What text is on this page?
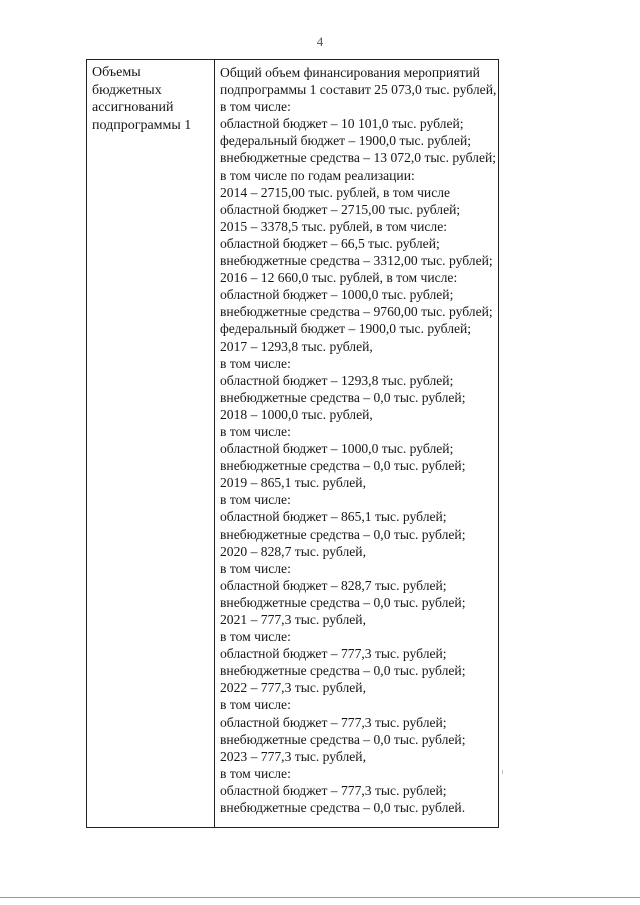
4
Объемы
бюджетных
ассигнований
подпрограммы 1
Общий объем финансирования мероприятий
подпрограммы 1 составит 25 073,0 тыс. рублей,
в том числе:
областной бюджет – 10 101,0 тыс. рублей;
федеральный бюджет – 1900,0 тыс. рублей;
внебюджетные средства – 13 072,0 тыс. рублей;
в том числе по годам реализации:
2014 – 2715,00 тыс. рублей, в том числе
областной бюджет – 2715,00 тыс. рублей;
2015 – 3378,5 тыс. рублей, в том числе:
областной бюджет – 66,5 тыс. рублей;
внебюджетные средства – 3312,00 тыс. рублей;
2016 – 12 660,0 тыс. рублей, в том числе:
областной бюджет – 1000,0 тыс. рублей;
внебюджетные средства – 9760,00 тыс. рублей;
федеральный бюджет – 1900,0 тыс. рублей;
2017 – 1293,8 тыс. рублей,
в том числе:
областной бюджет – 1293,8 тыс. рублей;
внебюджетные средства – 0,0 тыс. рублей;
2018 – 1000,0 тыс. рублей,
в том числе:
областной бюджет – 1000,0 тыс. рублей;
внебюджетные средства – 0,0 тыс. рублей;
2019 – 865,1 тыс. рублей,
в том числе:
областной бюджет – 865,1 тыс. рублей;
внебюджетные средства – 0,0 тыс. рублей;
2020 – 828,7 тыс. рублей,
в том числе:
областной бюджет – 828,7 тыс. рублей;
внебюджетные средства – 0,0 тыс. рублей;
2021 – 777,3 тыс. рублей,
в том числе:
областной бюджет – 777,3 тыс. рублей;
внебюджетные средства – 0,0 тыс. рублей;
2022 – 777,3 тыс. рублей,
в том числе:
областной бюджет – 777,3 тыс. рублей;
внебюджетные средства – 0,0 тыс. рублей;
2023 – 777,3 тыс. рублей,
в том числе:
областной бюджет – 777,3 тыс. рублей;
внебюджетные средства – 0,0 тыс. рублей.
